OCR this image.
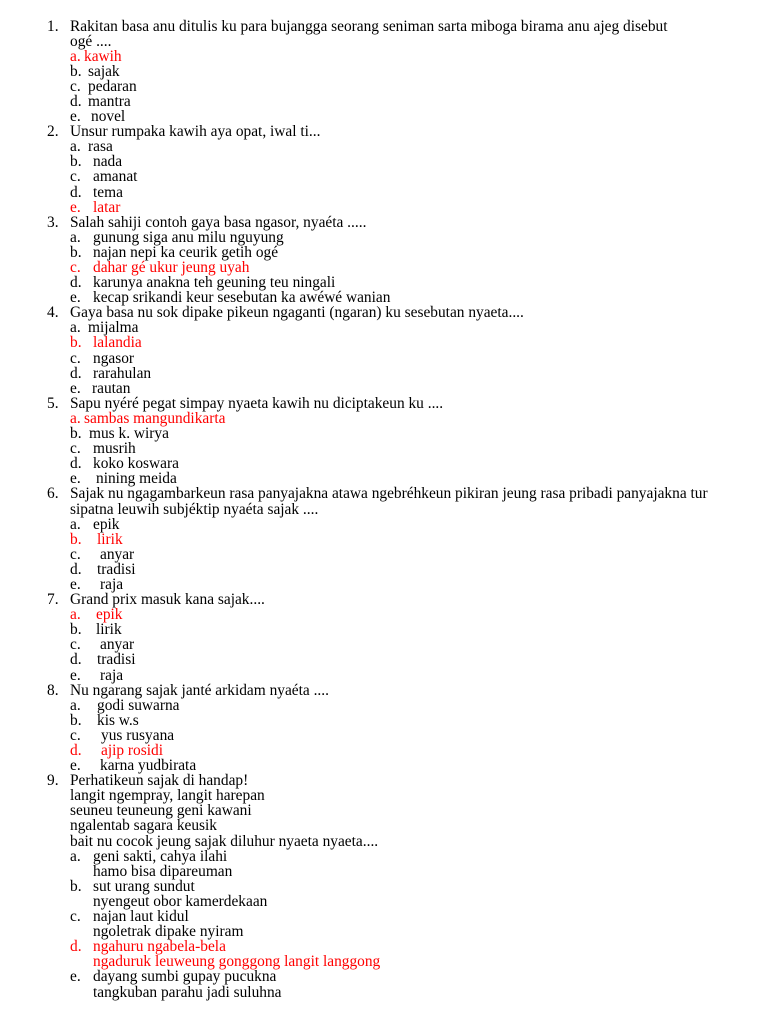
1. Rakitan basa anu ditulis ku para bujangga seorang seniman sarta miboga birama anu ajeg disebut
ogé ....
a. kawih
b. sajak
c. pedaran
d. mantra
e. novel
2. Unsur rumpaka kawih aya opat, iwal ti...
a. rasa
b. nada
c. amanat
d. tema
e. latar
3. Salah sahiji contoh gaya basa ngasor, nyaéta .....
a. gunung siga anu milu nguyung
b. najan nepi ka ceurik getih ogé
c. dahar gé ukur jeung uyah
d. karunya anakna teh geuning teu ningali
e. kecap srikandi keur sesebutan ka awéwé wanian
4. Gaya basa nu sok dipake pikeun ngaganti (ngaran) ku sesebutan nyaeta....
a. mijalma
b. lalandia
c. ngasor
d. rarahulan
e. rautan
5. Sapu nyéré pegat simpay nyaeta kawih nu diciptakeun ku ....
a. sambas mangundikarta
b. mus k. wirya
c. musrih
d. koko koswara
e. nining meida
6. Sajak nu ngagambarkeun rasa panyajakna atawa ngebréhkeun pikiran jeung rasa pribadi panyajakna tur
sipatna leuwih subjéktip nyaéta sajak ....
a. epik
b. lirik
c. anyar
d. tradisi
e. raja
7. Grand prix masuk kana sajak....
a. epik
b. lirik
c. anyar
d. tradisi
e. raja
8. Nu ngarang sajak janté arkidam nyaéta ....
a. godi suwarna
b. kis w.s
c. yus rusyana
d. ajip rosidi
e. karna yudbirata
9. Perhatikeun sajak di handap!
langit ngempray, langit harepan
seuneu teuneung geni kawani
ngalentab sagara keusik
bait nu cocok jeung sajak diluhur nyaeta nyaeta....
a. geni sakti, cahya ilahi
hamo bisa dipareuman
b. sut urang sundut
nyengeut obor kamerdekaan
c. najan laut kidul
ngoletrak dipake nyiram
d. ngahuru ngabela-bela
ngaduruk leuweung gonggong langit langgong
e. dayang sumbi gupay pucukna
tangkuban parahu jadi suluhna
